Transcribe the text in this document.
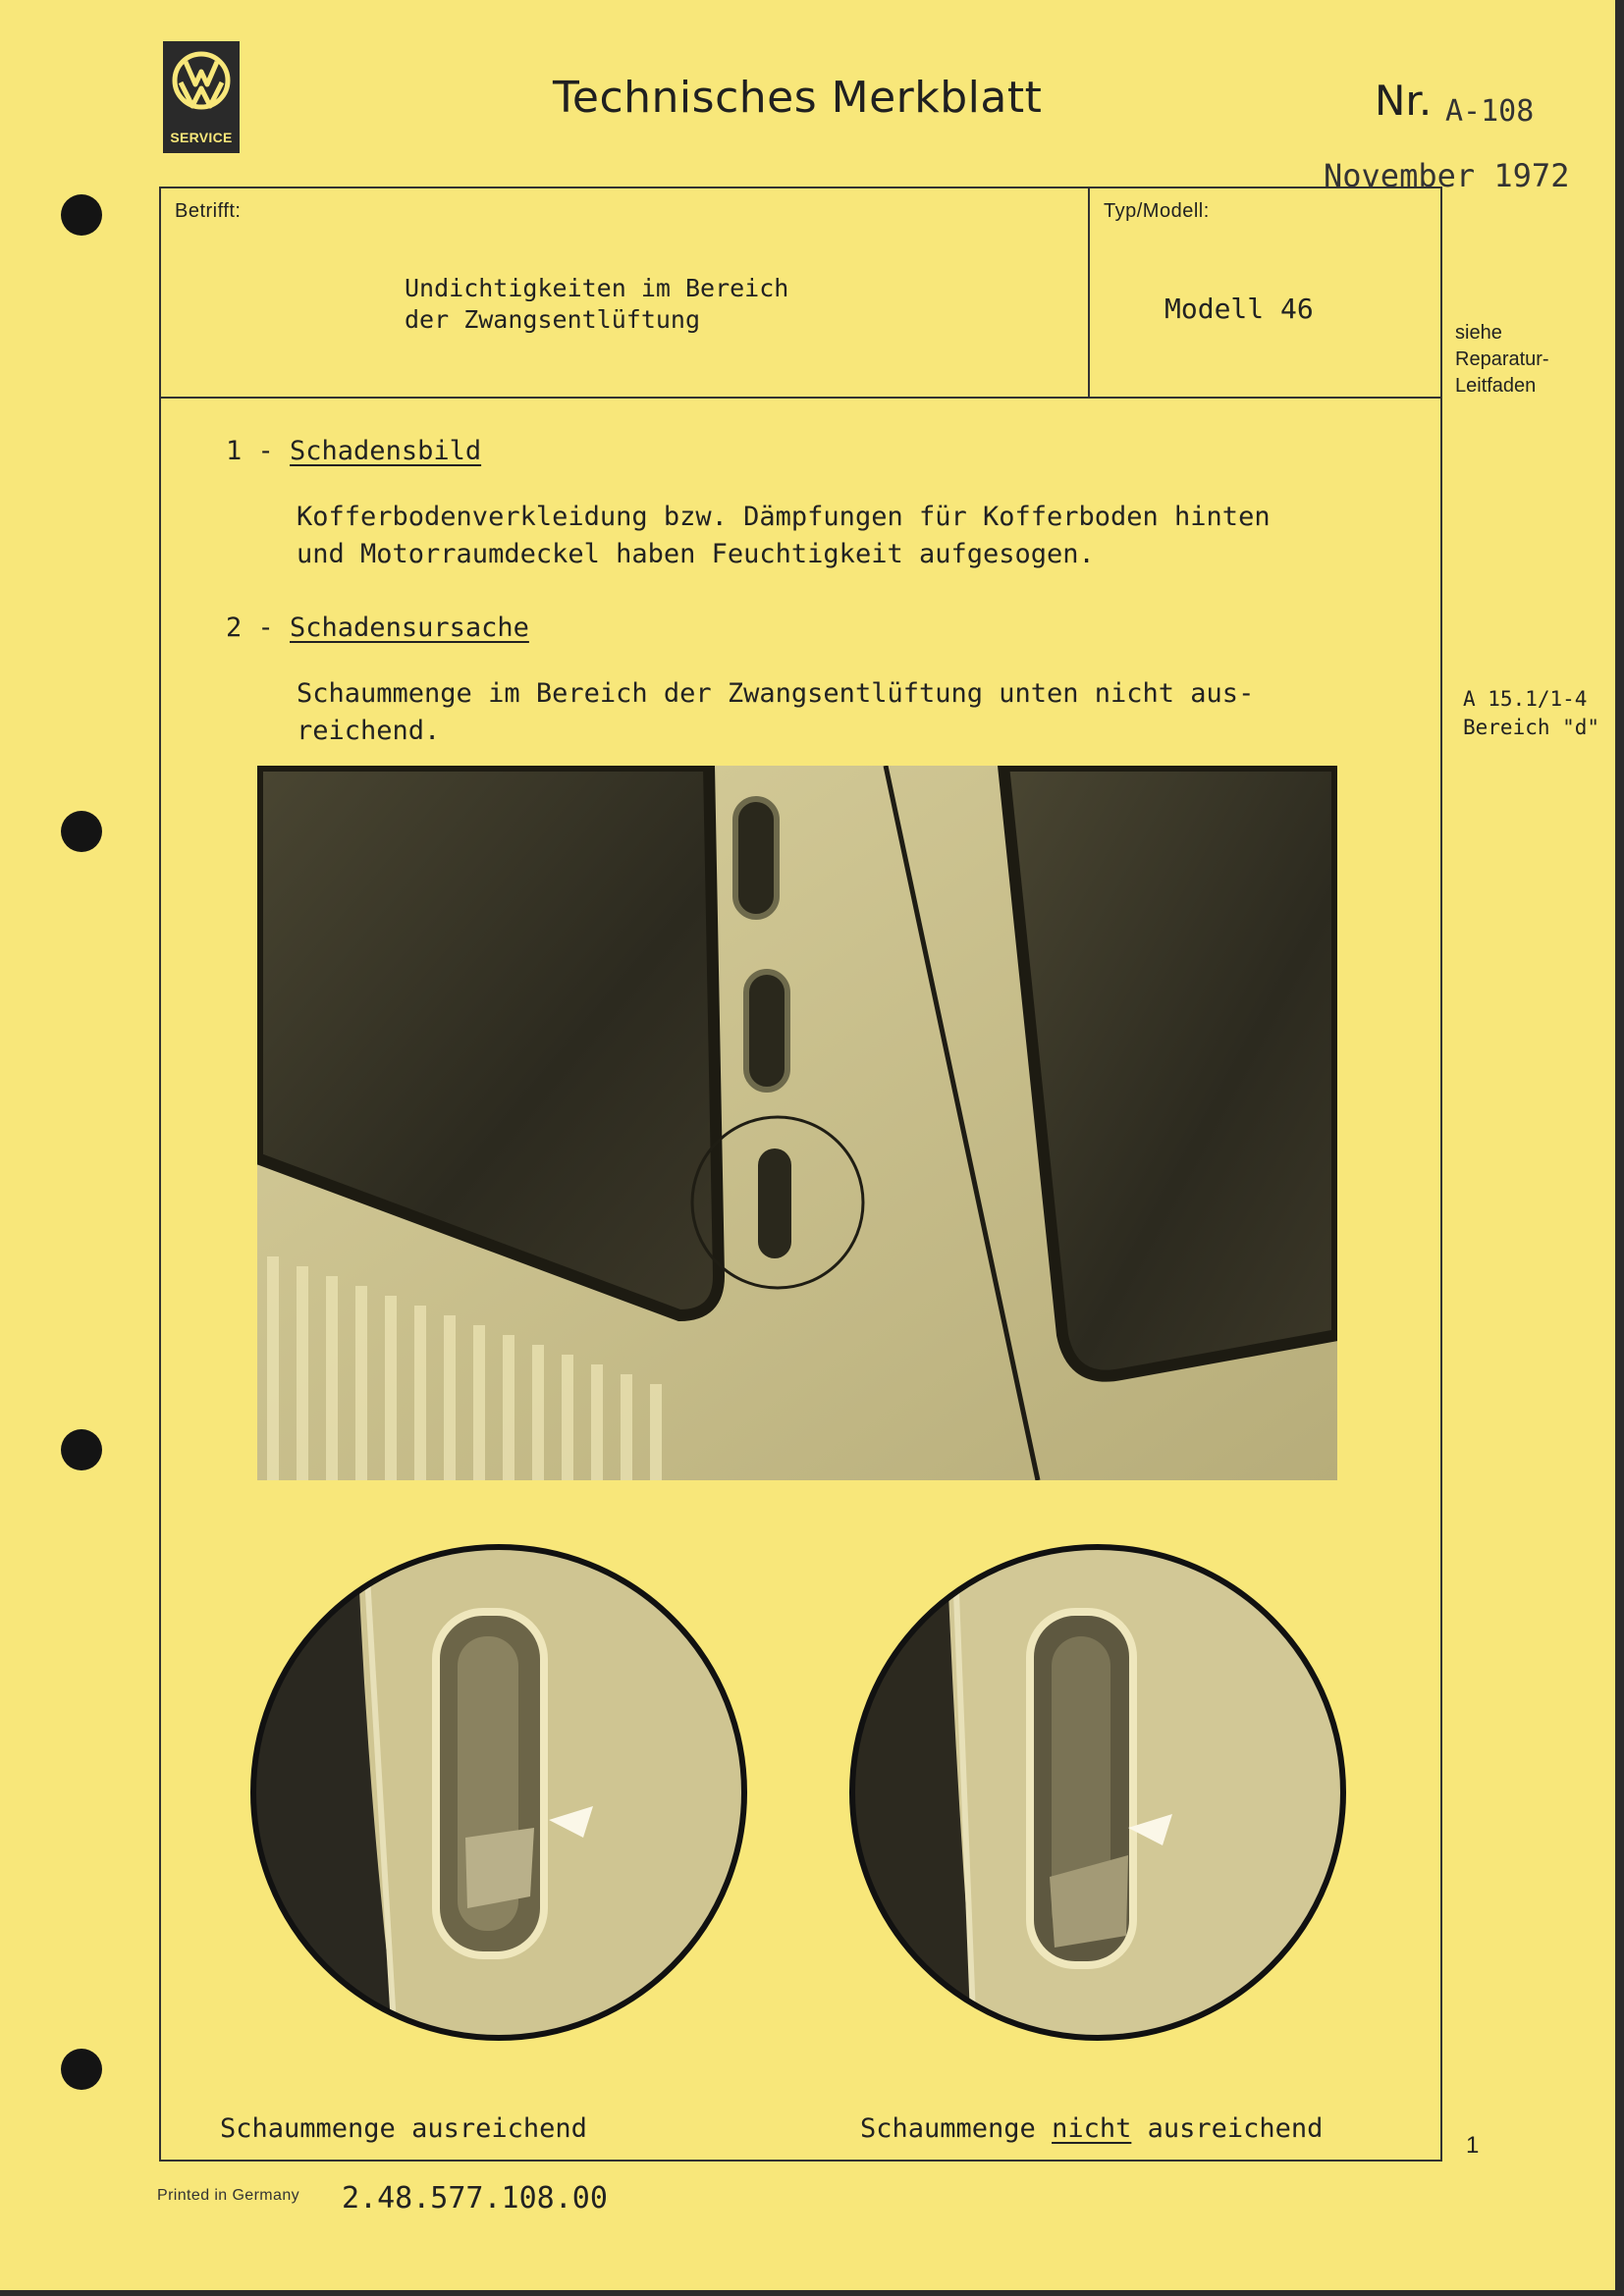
SERVICE
Technisches Merkblatt	Nr. A-108
November 1972
Betrifft:	Typ/Modell:
Undichtigkeiten im Bereich
der Zwangsentlüftung	Modell 46
siehe
Reparatur-
Leitfaden
1 - Schadensbild
Kofferbodenverkleidung bzw. Dämpfungen für Kofferboden hinten
und Motorraumdeckel haben Feuchtigkeit aufgesogen.
2 - Schadensursache
Schaummenge im Bereich der Zwangsentlüftung unten nicht aus-
reichend.
A 15.1/1-4
Bereich "d"
Schaummenge ausreichend	Schaummenge nicht ausreichend
1
Printed in Germany 2.48.577.108.00
